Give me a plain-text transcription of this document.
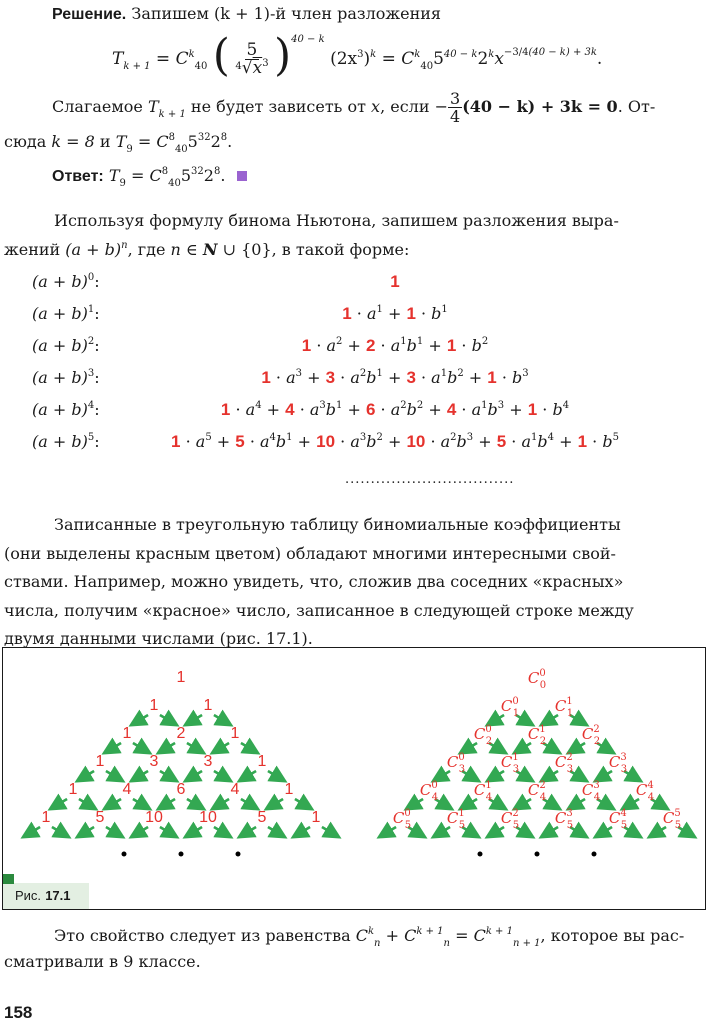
Решение. Запишем (k + 1)-й член разложения
$T_{k + 1} = C^k_{40}$ ( $\frac{5}{^4√x^3} )^{40 - k}$ $(2x^3)^k = C^k_{40}5^{40 - k}2^kx^{-3/4(40 - k) + 3k}$.
Слагаемое $T_{k + 1}$ не будет зависеть от x, если − $\frac{3}{4} (40 - k) + 3k = 0$. От-
сюда k = 8 и $T_9 = C^8_{40}5^{32}2^8$.
Ответ: $T_9 = C^8_{40}5^{32}2^8$.
Используя формулу бинома Ньютона, запишем разложения выра-
жений $(a + b)^n$, где n ∈ N ∪ {0}, в такой форме:
$(a + b)^0$:	1
$(a + b)^1$:	$1 \cdot a^1 + 1 \cdot b^1$
$(a + b)^2$:	$1 \cdot a^2 + 2 \cdot a^1b^1 + 1 \cdot b^2$
$(a + b)^3$:	$1 \cdot a^3 + 3 \cdot a^2b^1 + 3 \cdot a^1b^2 + 1 \cdot b^3$
$(a + b)^4$:	$1 \cdot a^4 + 4 \cdot a^3b^1 + 6 \cdot a^2b^2 + 4 \cdot a^1b^3 + 1 \cdot b^4$
$(a + b)^5$:	$1 \cdot a^5 + 5 \cdot a^4b^1 + 10 \cdot a^3b^2 + 10 \cdot a^2b^3 + 5 \cdot a^1b^4 + 1 \cdot b^5$
.................................
Записанные в треугольную таблицу биномиальные коэффициенты
(они выделены красным цветом) обладают многими интересными свой-
ствами. Например, можно увидеть, что, сложив два соседних «красных»
числа, получим «красное» число, записанное в следующей строке между
двумя данными числами (рис. 17.1).
1
1	1
1	2	1
1	3	3	1
1	4	6	4	1
1	5	10 10	5	1
$C^0_0$
$C^0_1$ $C^1_1$
$C^0_2$ $C^1_2$ $C^2_2$
$C^0_3$ $C^1_3$ $C^2_3$ $C^3_3$
$C^0_4$ $C^1_4$ $C^2_4$ $C^3_4$ $C^4_4$
$C^0_5$ $C^1_5$ $C^2_5$ $C^3_5$ $C^4_5$ $C^5_5$
Рис. 17.1
Это свойство следует из равенства $C^k_n + C^{k + 1}_n = C^{k + 1}_{n + 1}$, которое вы рас-
сматривали в 9 классе.
158
